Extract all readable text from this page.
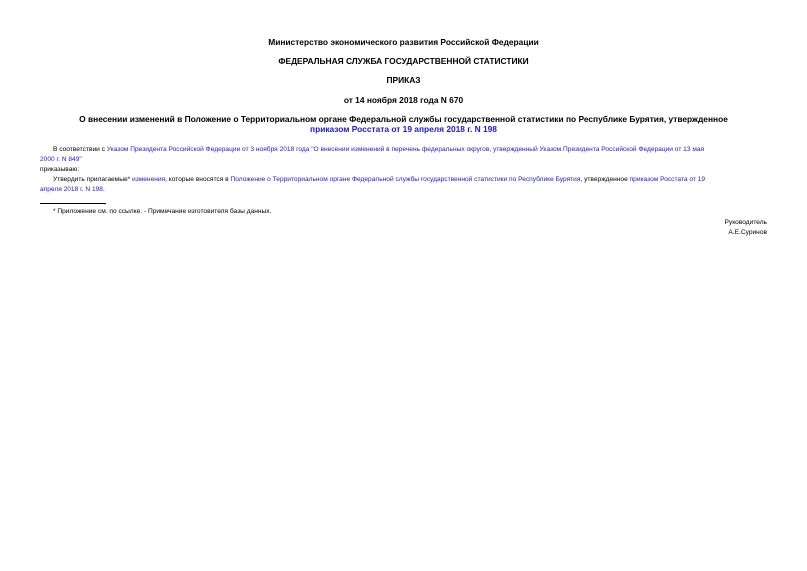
Министерство экономического развития Российской Федерации
ФЕДЕРАЛЬНАЯ СЛУЖБА ГОСУДАРСТВЕННОЙ СТАТИСТИКИ
ПРИКАЗ
от 14 ноября 2018 года N 670
О внесении изменений в Положение о Территориальном органе Федеральной службы государственной статистики по Республике Бурятия, утвержденное
приказом Росстата от 19 апреля 2018 г. N 198
В соответствии с Указом Президента Российской Федерации от 3 ноября 2018 года "О внесении изменений в перечень федеральных округов, утвержденный Указом Президента Российской Федерации от 13 мая
2000 г. N 849"
приказываю:
Утвердить прилагаемые* изменения, которые вносятся в Положение о Территориальном органе Федеральной службы государственной статистики по Республике Бурятия, утвержденное приказом Росстата от 19
апреля 2018 г. N 198.
* Приложение см. по ссылке. - Примечание изготовителя базы данных.
Руководитель
А.Е.Суринов
